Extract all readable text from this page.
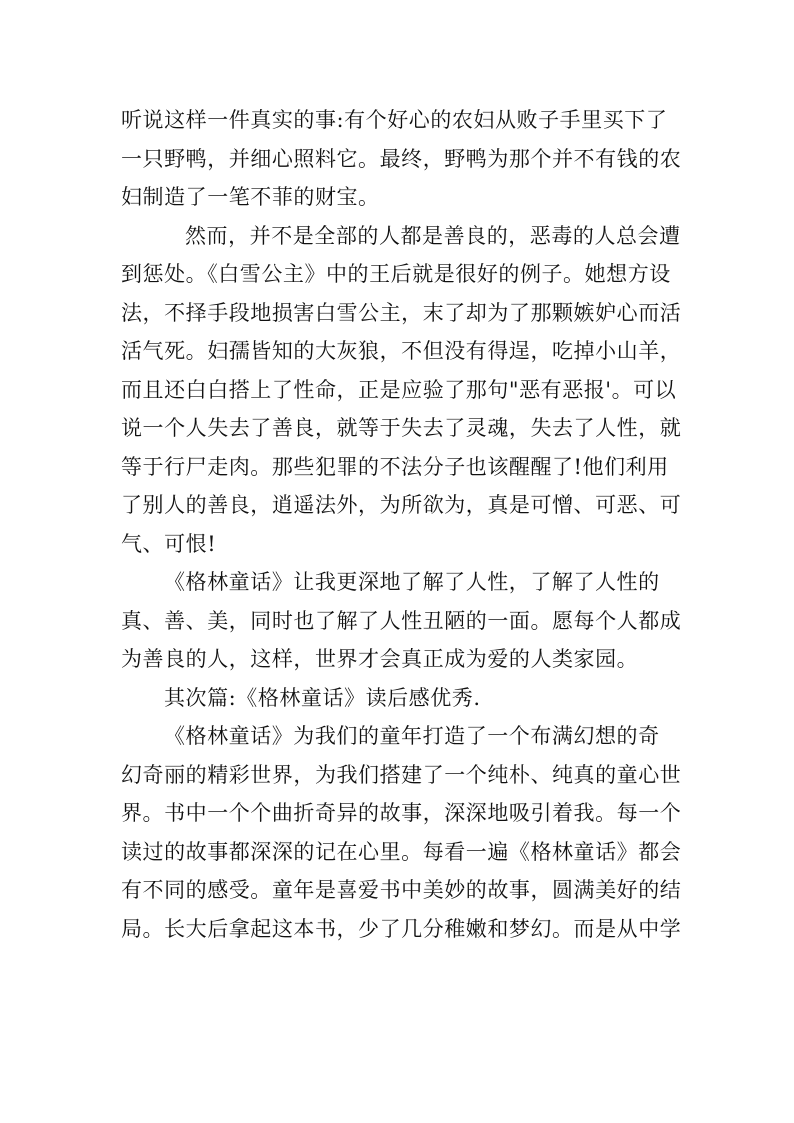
听说这样一件真实的事:有个好心的农妇从败子手里买下了
一只野鸭，并细心照料它。最终，野鸭为那个并不有钱的农
妇制造了一笔不菲的财宝。
然而，并不是全部的人都是善良的，恶毒的人总会遭
到惩处。《白雪公主》中的王后就是很好的例子。她想方设
法，不择手段地损害白雪公主，末了却为了那颗嫉妒心而活
活气死。妇孺皆知的大灰狼，不但没有得逞，吃掉小山羊，
而且还白白搭上了性命，正是应验了那句"恶有恶报'。可以
说一个人失去了善良，就等于失去了灵魂，失去了人性，就
等于行尸走肉。那些犯罪的不法分子也该醒醒了!他们利用
了别人的善良，逍遥法外，为所欲为，真是可憎、可恶、可
气、可恨!
《格林童话》让我更深地了解了人性，了解了人性的
真、善、美，同时也了解了人性丑陋的一面。愿每个人都成
为善良的人，这样，世界才会真正成为爱的人类家园。
其次篇:《格林童话》读后感优秀.
《格林童话》为我们的童年打造了一个布满幻想的奇
幻奇丽的精彩世界，为我们搭建了一个纯朴、纯真的童心世
界。书中一个个曲折奇异的故事，深深地吸引着我。每一个
读过的故事都深深的记在心里。每看一遍《格林童话》都会
有不同的感受。童年是喜爱书中美妙的故事，圆满美好的结
局。长大后拿起这本书，少了几分稚嫩和梦幻。而是从中学
